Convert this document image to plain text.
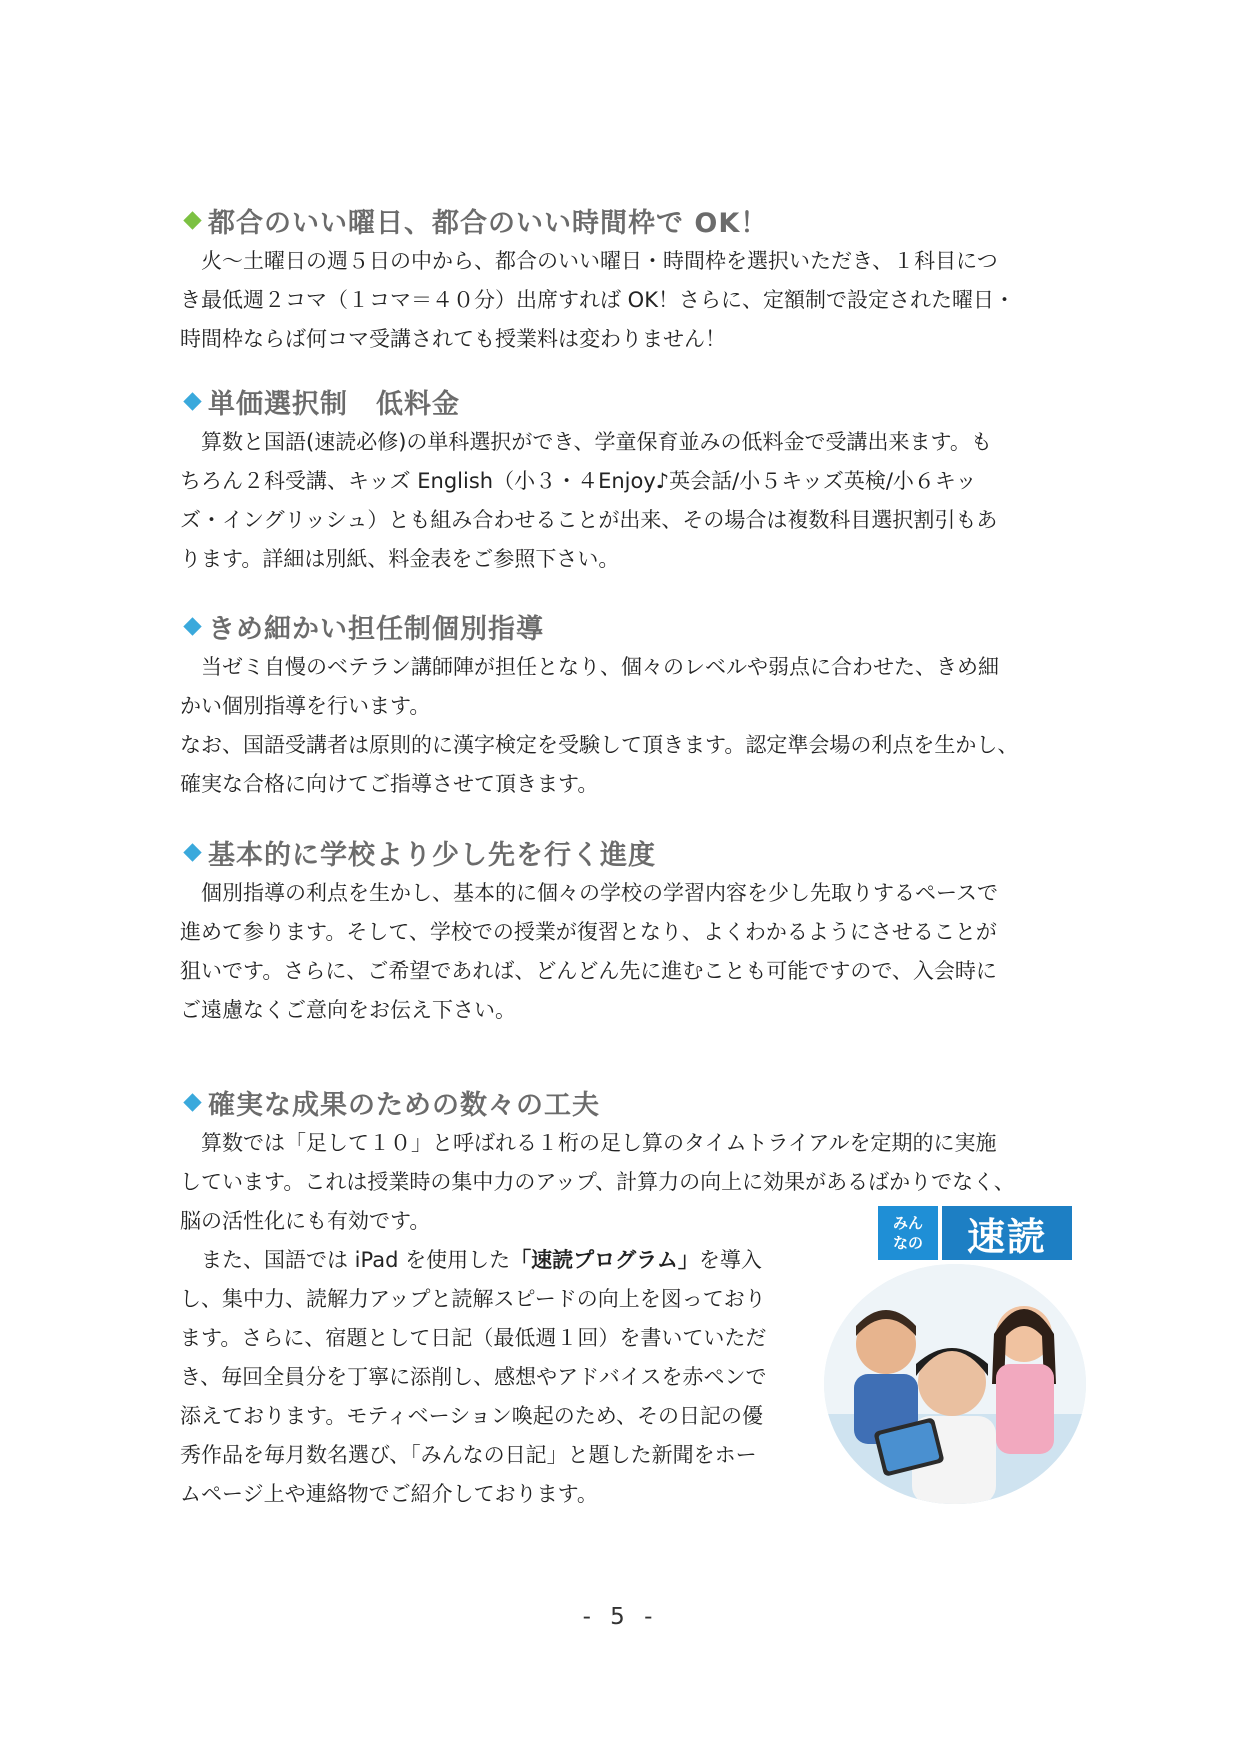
都合のいい曜日、都合のいい時間枠で OK！

火～土曜日の週５日の中から、都合のいい曜日・時間枠を選択いただき、１科目につ

き最低週２コマ（１コマ＝４０分）出席すれば OK！さらに、定額制で設定された曜日・

時間枠ならば何コマ受講されても授業料は変わりません！

単価選択制　低料金

算数と国語(速読必修)の単科選択ができ、学童保育並みの低料金で受講出来ます。も

ちろん２科受講、キッズ English（小３・４Enjoy♪英会話/小５キッズ英検/小６キッ

ズ・イングリッシュ）とも組み合わせることが出来、その場合は複数科目選択割引もあ

ります。詳細は別紙、料金表をご参照下さい。

きめ細かい担任制個別指導

当ゼミ自慢のベテラン講師陣が担任となり、個々のレベルや弱点に合わせた、きめ細

かい個別指導を行います。

なお、国語受講者は原則的に漢字検定を受験して頂きます。認定準会場の利点を生かし、

確実な合格に向けてご指導させて頂きます。

基本的に学校より少し先を行く進度

個別指導の利点を生かし、基本的に個々の学校の学習内容を少し先取りするペースで

進めて参ります。そして、学校での授業が復習となり、よくわかるようにさせることが

狙いです。さらに、ご希望であれば、どんどん先に進むことも可能ですので、入会時に

ご遠慮なくご意向をお伝え下さい。

確実な成果のための数々の工夫

算数では「足して１０」と呼ばれる１桁の足し算のタイムトライアルを定期的に実施

しています。これは授業時の集中力のアップ、計算力の向上に効果があるばかりでなく、

脳の活性化にも有効です。

また、国語では iPad を使用した「速読プログラム」を導入

し、集中力、読解力アップと読解スピードの向上を図っており

ます。さらに、宿題として日記（最低週１回）を書いていただ

き、毎回全員分を丁寧に添削し、感想やアドバイスを赤ペンで

添えております。モティベーション喚起のため、その日記の優

秀作品を毎月数名選び、「みんなの日記」と題した新聞をホー

ムページ上や連絡物でご紹介しております。

みん
なの	速読
- 5 -
